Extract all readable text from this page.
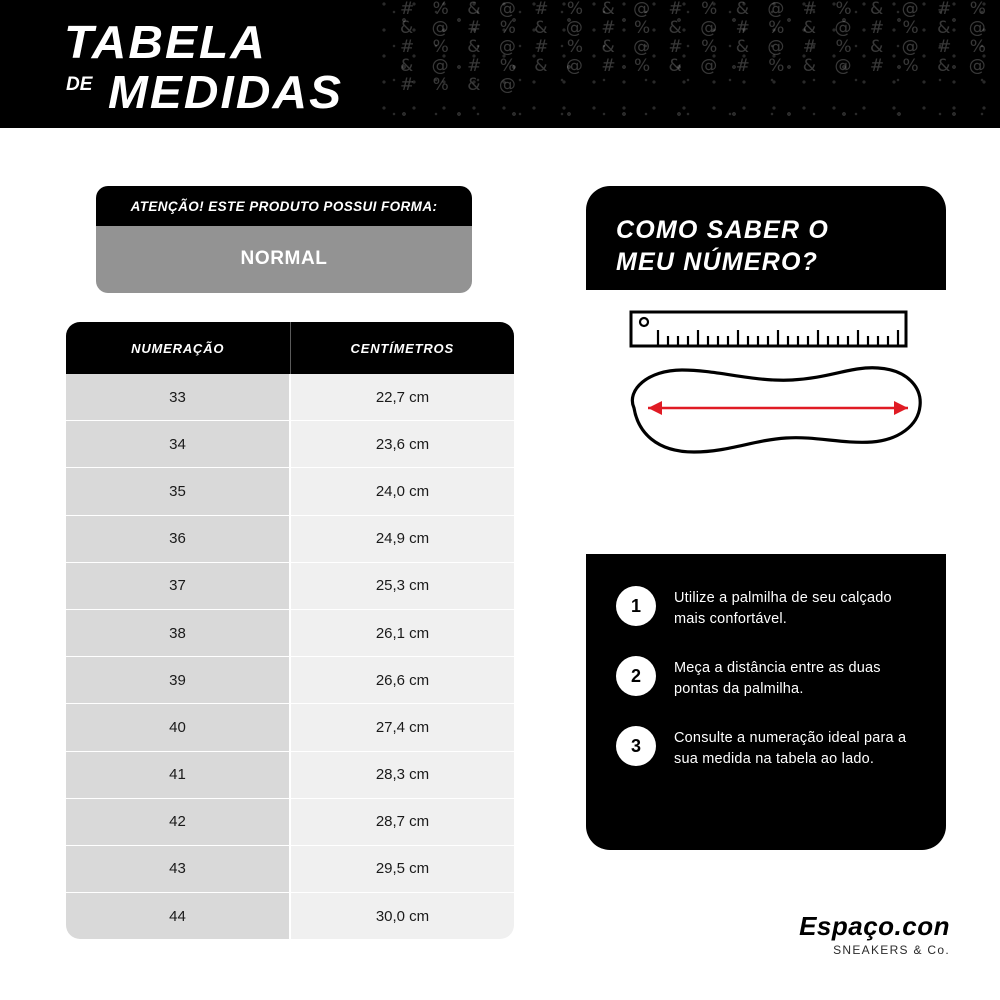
# % & @ # % & @ # % & @ # % & @ # % & @ # % & @ # % & @ # % & @ # % & @ # % & @ # % & @ # % & @ # % & @ # % & @ # % & @ # % & @ # % & @ # % & @ # % & @
TABELA
DE MEDIDAS
ATENÇÃO! ESTE PRODUTO POSSUI FORMA:
NORMAL
NUMERAÇÃO	CENTÍMETROS
33	22,7 cm
34	23,6 cm
35	24,0 cm
36	24,9 cm
37	25,3 cm
38	26,1 cm
39	26,6 cm
40	27,4 cm
41	28,3 cm
42	28,7 cm
43	29,5 cm
44	30,0 cm
COMO SABER O
MEU NÚMERO?
1	Utilize a palmilha de seu calçado mais confortável.
2	Meça a distância entre as duas pontas da palmilha.
3	Consulte a numeração ideal para a sua medida na tabela ao lado.
Espaço.con
SNEAKERS & Co.
